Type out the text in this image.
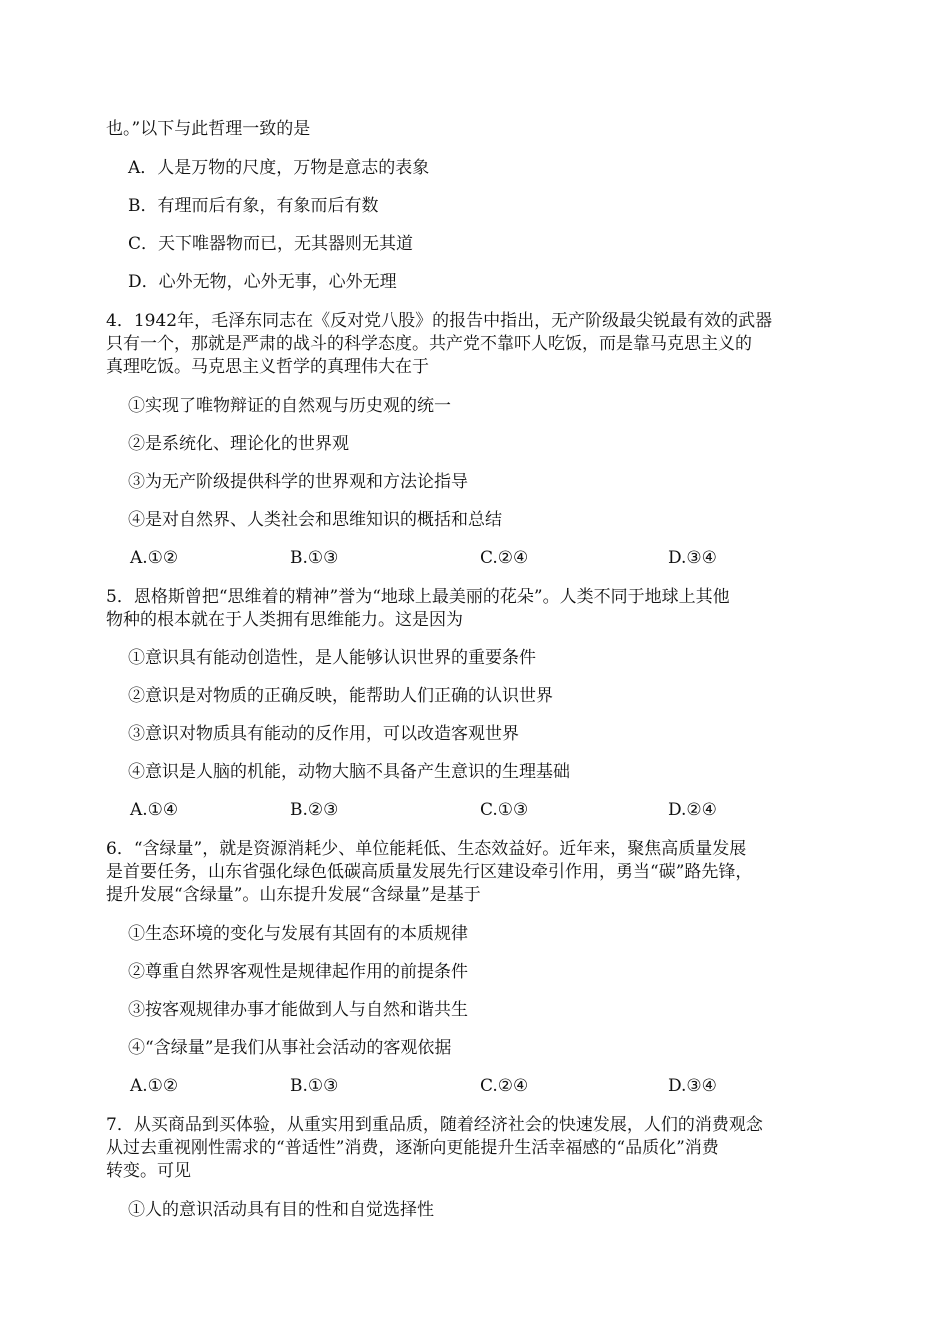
也。”以下与此哲理一致的是
A．人是万物的尺度，万物是意志的表象
B．有理而后有象，有象而后有数
C．天下唯器物而已，无其器则无其道
D．心外无物，心外无事，心外无理
4．1942年，毛泽东同志在《反对党八股》的报告中指出，无产阶级最尖锐最有效的武器
只有一个，那就是严肃的战斗的科学态度。共产党不靠吓人吃饭，而是靠马克思主义的
真理吃饭。马克思主义哲学的真理伟大在于
①实现了唯物辩证的自然观与历史观的统一
②是系统化、理论化的世界观
③为无产阶级提供科学的世界观和方法论指导
④是对自然界、人类社会和思维知识的概括和总结
A.①②	B.①③	C.②④	D.③④
5．恩格斯曾把“思维着的精神”誉为“地球上最美丽的花朵”。人类不同于地球上其他
物种的根本就在于人类拥有思维能力。这是因为
①意识具有能动创造性，是人能够认识世界的重要条件
②意识是对物质的正确反映，能帮助人们正确的认识世界
③意识对物质具有能动的反作用，可以改造客观世界
④意识是人脑的机能，动物大脑不具备产生意识的生理基础
A.①④	B.②③	C.①③	D.②④
6．“含绿量”，就是资源消耗少、单位能耗低、生态效益好。近年来，聚焦高质量发展
是首要任务，山东省强化绿色低碳高质量发展先行区建设牵引作用，勇当“碳”路先锋，
提升发展“含绿量”。山东提升发展“含绿量”是基于
①生态环境的变化与发展有其固有的本质规律
②尊重自然界客观性是规律起作用的前提条件
③按客观规律办事才能做到人与自然和谐共生
④“含绿量”是我们从事社会活动的客观依据
A.①②	B.①③	C.②④	D.③④
7．从买商品到买体验，从重实用到重品质，随着经济社会的快速发展，人们的消费观念
从过去重视刚性需求的“普适性”消费，逐渐向更能提升生活幸福感的“品质化”消费
转变。可见
①人的意识活动具有目的性和自觉选择性
